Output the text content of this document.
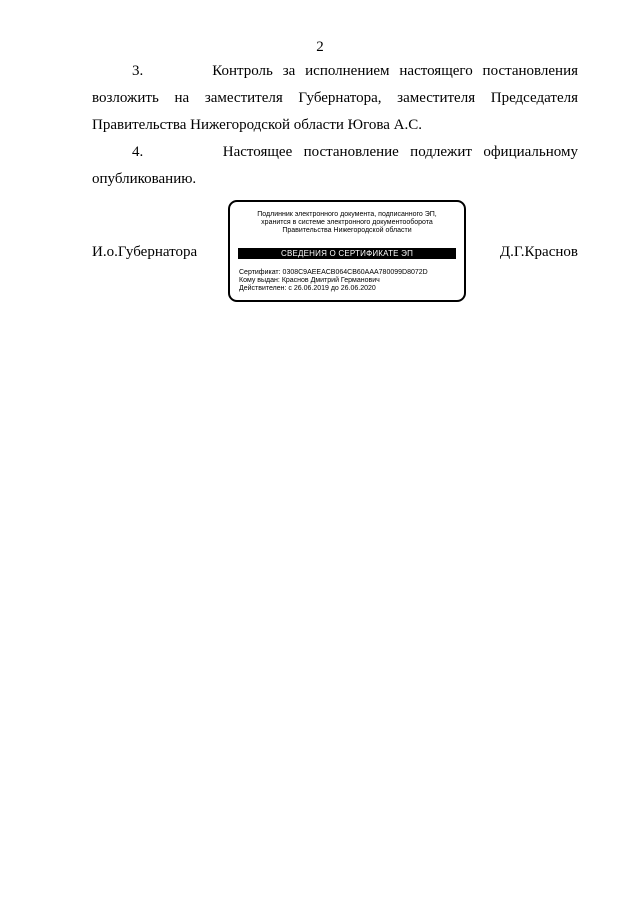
2
3.	Контроль за исполнением настоящего постановления
возложить на заместителя Губернатора, заместителя Председателя
Правительства Нижегородской области Югова А.С.
4.	Настоящее постановление подлежит официальному
опубликованию.
И.о.Губернатора
Подлинник электронного документа, подписанного ЭП,
хранится в системе электронного документооборота
Правительства Нижегородской области
СВЕДЕНИЯ О СЕРТИФИКАТЕ ЭП
Сертификат: 0308C9AEEACB064CB60AAA780099D8072D
Кому выдан: Краснов Дмитрий Германович
Действителен: с 26.06.2019 до 26.06.2020
Д.Г.Краснов
